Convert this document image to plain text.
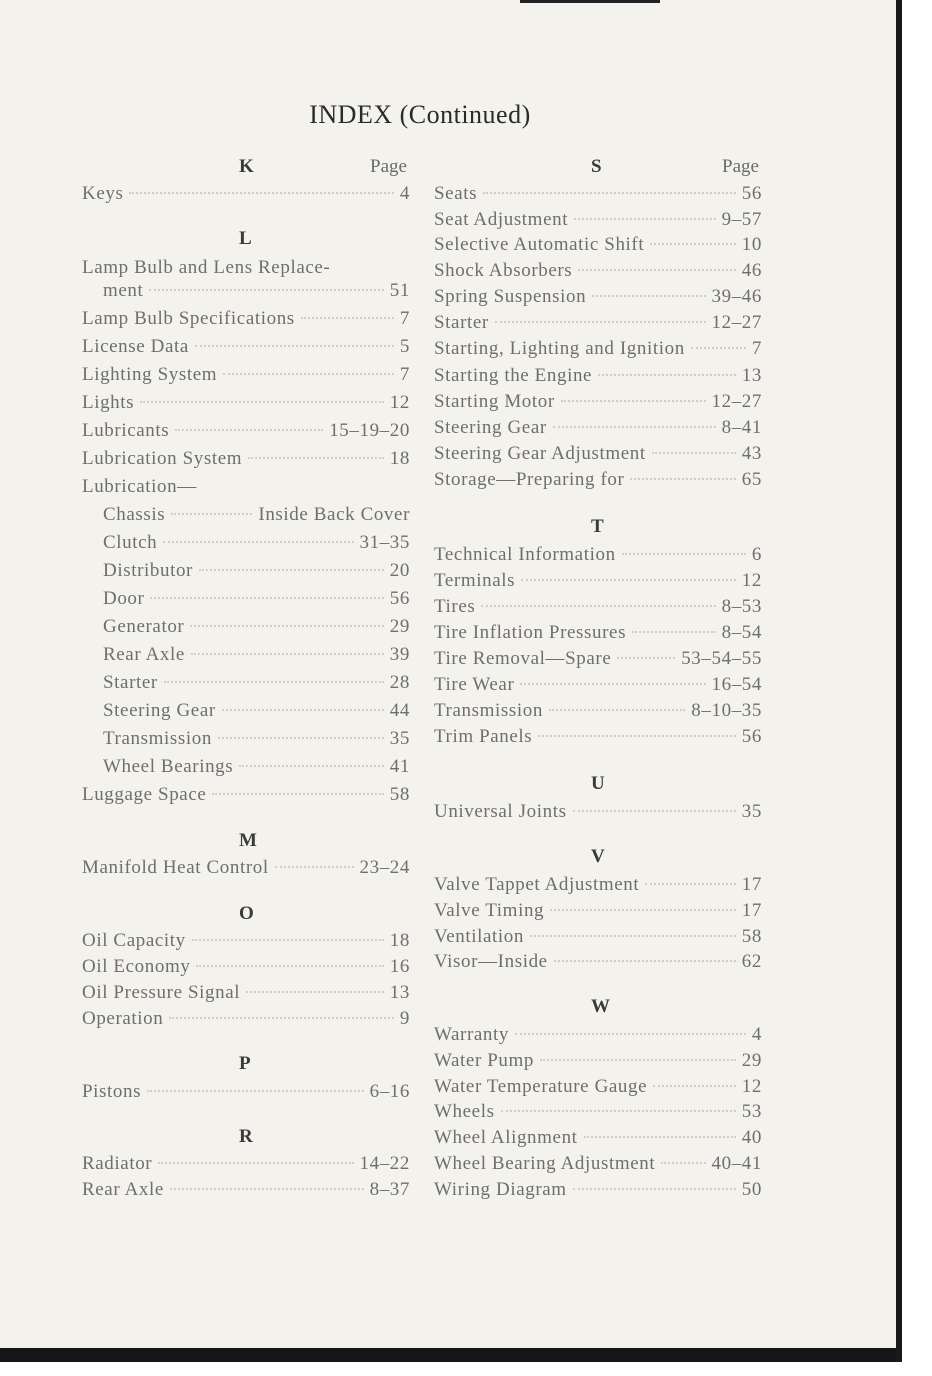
INDEX (Continued)
K	Page
Keys	4
L
Lamp Bulb and Lens Replace-
ment	51
Lamp Bulb Specifications	7
License Data	5
Lighting System	7
Lights	12
Lubricants	15–19–20
Lubrication System	18
Lubrication—
Chassis	Inside Back Cover
Clutch	31–35
Distributor	20
Door	56
Generator	29
Rear Axle	39
Starter	28
Steering Gear	44
Transmission	35
Wheel Bearings	41
Luggage Space	58
M
Manifold Heat Control	23–24
O
Oil Capacity	18
Oil Economy	16
Oil Pressure Signal	13
Operation	9
P
Pistons	6–16
R
Radiator	14–22
Rear Axle	8–37
S	Page
Seats	56
Seat Adjustment	9–57
Selective Automatic Shift	10
Shock Absorbers	46
Spring Suspension	39–46
Starter	12–27
Starting, Lighting and Ignition	7
Starting the Engine	13
Starting Motor	12–27
Steering Gear	8–41
Steering Gear Adjustment	43
Storage—Preparing for	65
T
Technical Information	6
Terminals	12
Tires	8–53
Tire Inflation Pressures	8–54
Tire Removal—Spare	53–54–55
Tire Wear	16–54
Transmission	8–10–35
Trim Panels	56
U
Universal Joints	35
V
Valve Tappet Adjustment	17
Valve Timing	17
Ventilation	58
Visor—Inside	62
W
Warranty	4
Water Pump	29
Water Temperature Gauge	12
Wheels	53
Wheel Alignment	40
Wheel Bearing Adjustment	40–41
Wiring Diagram	50
